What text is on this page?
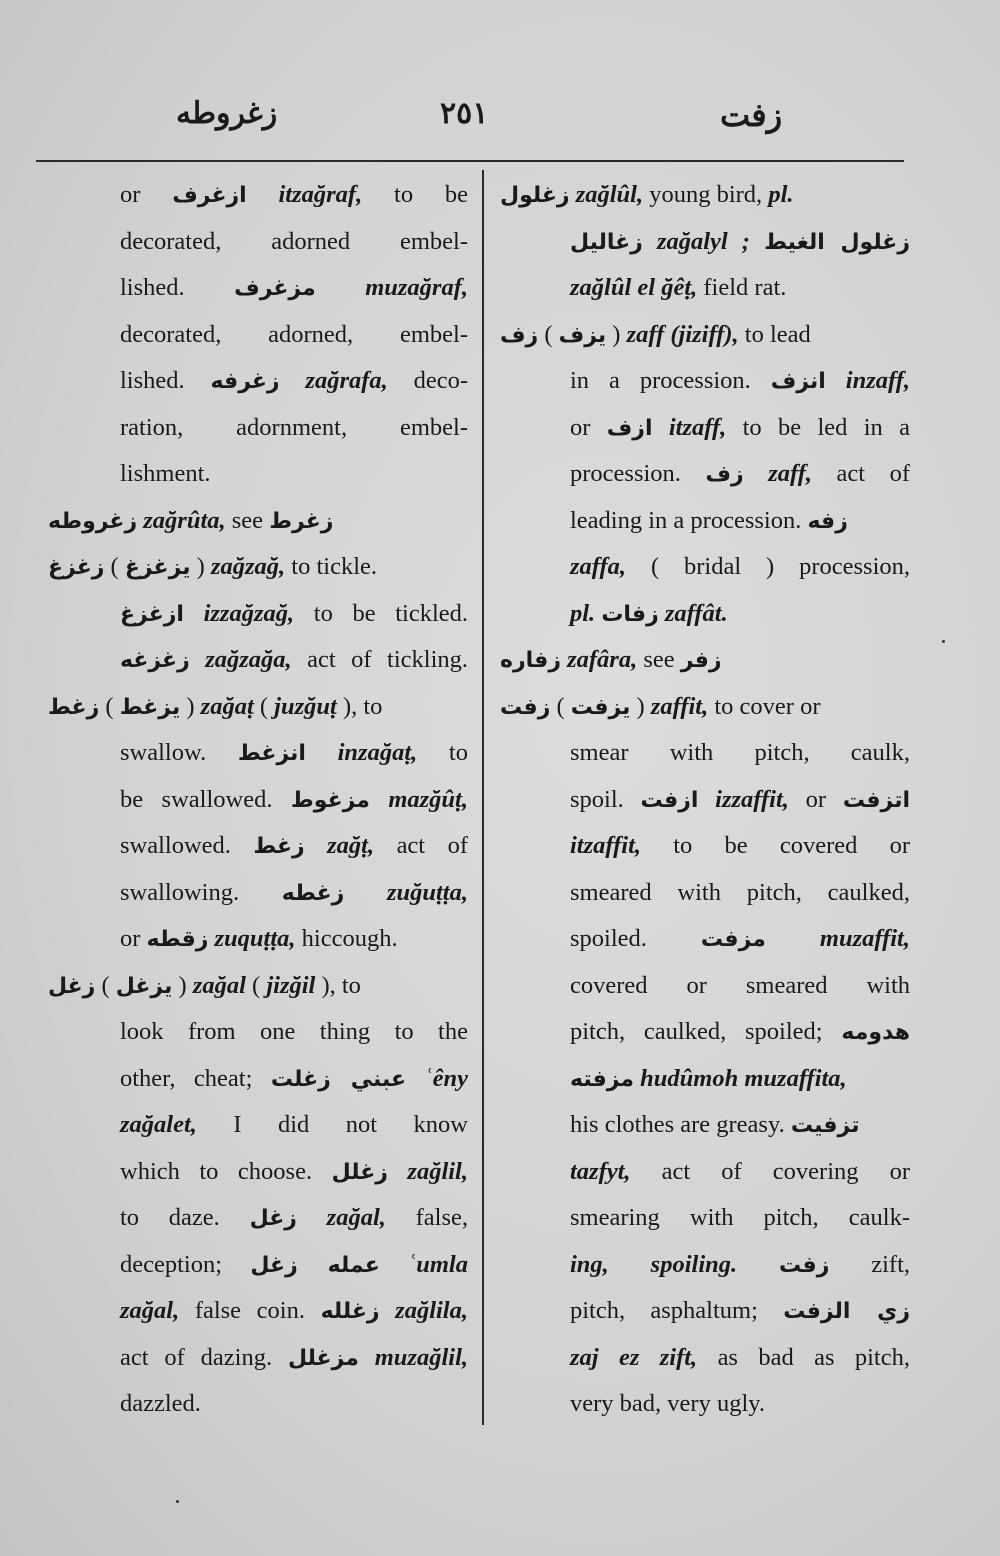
زغروطه	٢٥١	زفت
or ازغرف itzağraf, to be
decorated, adorned embel-
lished. مزغرف muzağraf,
decorated, adorned, embel-
lished. زغرفه zağrafa, deco-
ration, adornment, embel-
lishment.
زغروطه zağrûta, see زغرط
زغزغ ( يزغزغ ) zağzağ, to tickle.
ازغزغ izzağzağ, to be tickled.
زغزغه zağzağa, act of tickling.
زغط ( يزغط ) zağaṭ ( juzğuṭ ), to
swallow. انزغط inzağaṭ, to
be swallowed. مزغوط mazğûṭ,
swallowed. زغط zağṭ, act of
swallowing. زغطه zuğuṭṭa,
or زقطه zuquṭṭa, hiccough.
زغل ( يزغل ) zağal ( jizğil ), to
look from one thing to the
other, cheat; عبني زغلت ʿêny
zağalet, I did not know
which to choose. زغلل zağlil,
to daze. زغل zağal, false,
deception; عمله زغل ʿumla
zağal, false coin. زغلله zağlila,
act of dazing. مزغلل muzağlil,
dazzled.
زغلول zağlûl, young bird, pl.
زغاليل zağalyl ; زغلول الغيط
zağlûl el ğêṭ, field rat.
زف ( يزف ) zaff (jiziff), to lead
in a procession. انزف inzaff,
or ازف itzaff, to be led in a
procession. زف zaff, act of
leading in a procession. زفه
zaffa, ( bridal ) procession,
pl. زفات zaffât.
زفاره zafâra, see زفر
زفت ( يزفت ) zaffit, to cover or
smear with pitch, caulk,
spoil. ازفت izzaffit, or اتزفت
itzaffit, to be covered or
smeared with pitch, caulked,
spoiled. مزفت muzaffit,
covered or smeared with
pitch, caulked, spoiled; هدومه
مزفته hudûmoh muzaffita,
his clothes are greasy. تزفيت
tazfyt, act of covering or
smearing with pitch, caulk-
ing, spoiling. زفت zift,
pitch, asphaltum; زي الزفت
zaj ez zift, as bad as pitch,
very bad, very ugly.
